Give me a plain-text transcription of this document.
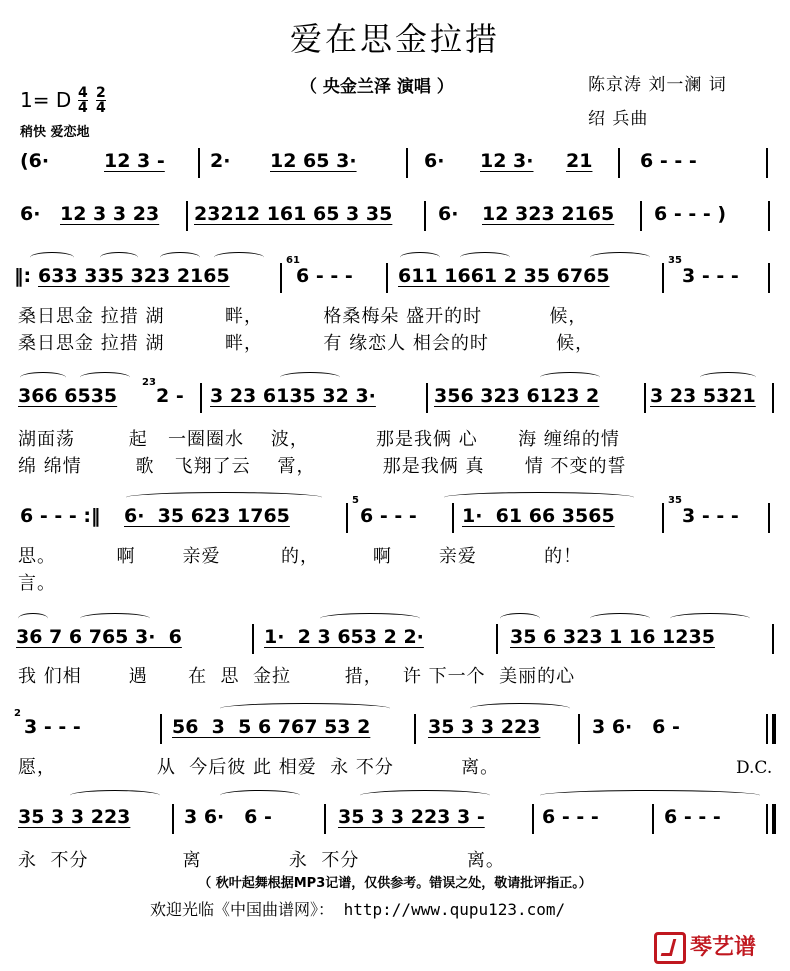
爱在思金拉措
（ 央金兰泽 演唱 ）	陈京涛 刘一澜 词
绍 兵曲
1= D 4
4
2
4
稍快 爱恋地
(6·	12 3 - 2· 12 65 3·	6· 12 3· 21	6 - - -
6· 12 3 3 23 23212 161 65 3 35 6· 12 323 2165 6 - - - )
‖: 633 335 323 2165
61
6 - - - 611 1661 2 35 6765
35
3 - - -
桑日思金 拉措 湖         畔，         格桑梅朵 盛开的时          候，
桑日思金 拉措 湖         畔，         有 缘恋人 相会的时          候，
366 6535
23
2 - 3 23 6135 32 3·	356 323 6123 2	3 23 5321
湖面荡        起   一圈圈水    波，          那是我俩 心      海 缠绵的情
绵 绵情        歌   飞翔了云    霄，          那是我俩 真      情 不变的誓
6 - - - :‖ 6·  35 623 1765
5
6 - - - 1·  61 66 3565
35
3 - - -
思。         啊       亲爱         的，        啊       亲爱          的！
言。
36 7 6 765 3·  6	1·  2 3 653 2 2·	35 6 323 1 16 1235
我 们相       遇      在  思  金拉        措，   许 下一个  美丽的心
2
3 - - -	56  3  5 6 767 53 2	35 3 3 223	3 6·   6 -
愿，               从  今后彼 此 相爱  永 不分          离。	D.C.
35 3 3 223	3 6·   6 -	35 3 3 223 3 -	6 - - -	6 - - -
永  不分              离             永  不分                离。
（ 秋叶起舞根据MP3记谱，仅供参考。错误之处，敬请批评指正。）
欢迎光临《中国曲谱网》： http://www.qupu123.com/
琴艺谱
